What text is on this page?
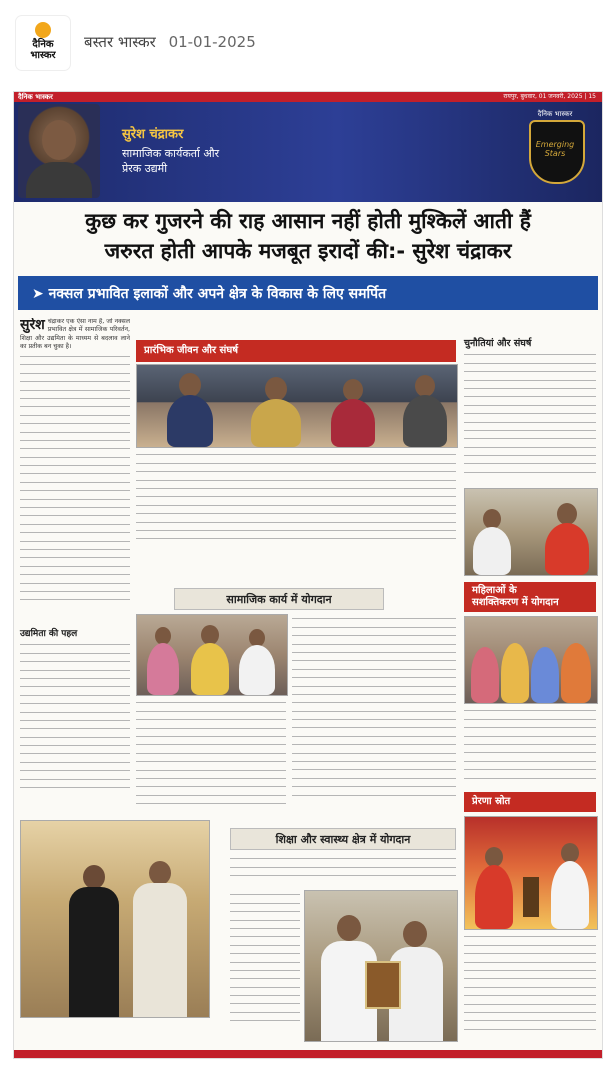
दैनिक
भास्कर
बस्तर भास्कर 01-01-2025
दैनिक भास्कर	रायपुर, बुधवार, 01 जनवरी, 2025 | 15
सुरेश चंद्राकर
सामाजिक कार्यकर्ता और
प्रेरक उद्यमी
दैनिक भास्कर
Emerging Stars
कुछ कर गुजरने की राह आसान नहीं होती मुश्किलें आती हैं
जरुरत होती आपके मजबूत इरादों की:- सुरेश चंद्राकर
➤ नक्सल प्रभावित इलाकों और अपने क्षेत्र के विकास के लिए समर्पित
सुरेश चंद्राकर एक ऐसा नाम है, जो नक्सल प्रभावित क्षेत्र में सामाजिक परिवर्तन, शिक्षा और उद्यमिता के माध्यम से बदलाव लाने का प्रतीक बन चुका है।
उद्यमिता की पहल
प्रारंभिक जीवन और संघर्ष
सामाजिक कार्य में योगदान
शिक्षा और स्वास्थ्य क्षेत्र में योगदान
चुनौतियां और संघर्ष
महिलाओं के
सशक्तिकरण में योगदान
प्रेरणा स्रोत
